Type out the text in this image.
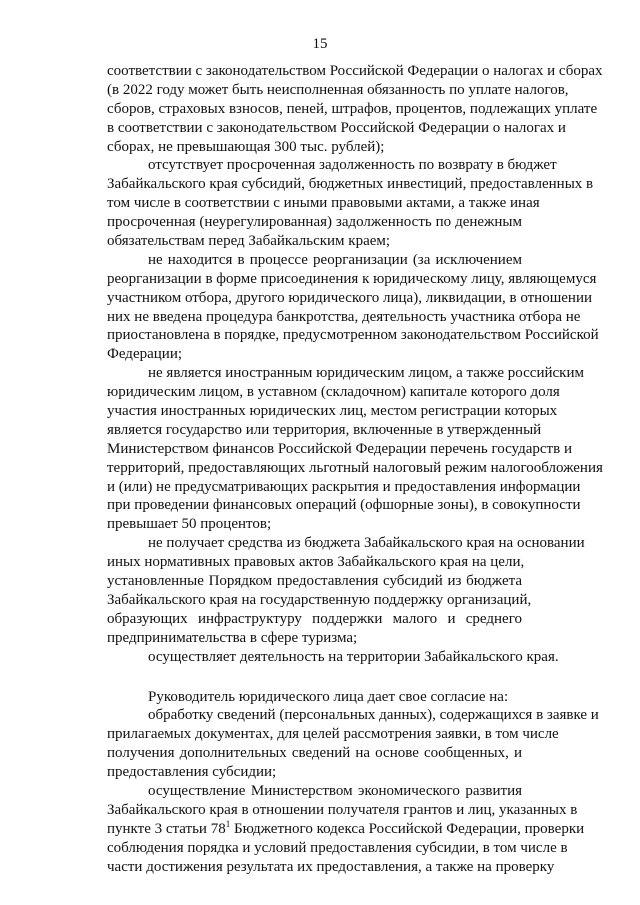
15
соответствии с законодательством Российской Федерации о налогах и сборах
(в 2022 году может быть неисполненная обязанность по уплате налогов,
сборов, страховых взносов, пеней, штрафов, процентов, подлежащих уплате
в соответствии с законодательством Российской Федерации о налогах и
сборах, не превышающая 300 тыс. рублей);
отсутствует просроченная задолженность по возврату в бюджет
Забайкальского края субсидий, бюджетных инвестиций, предоставленных в
том числе в соответствии с иными правовыми актами, а также иная
просроченная (неурегулированная) задолженность по денежным
обязательствам перед Забайкальским краем;
не находится в процессе реорганизации (за исключением
реорганизации в форме присоединения к юридическому лицу, являющемуся
участником отбора, другого юридического лица), ликвидации, в отношении
них не введена процедура банкротства, деятельность участника отбора не
приостановлена в порядке, предусмотренном законодательством Российской
Федерации;
не является иностранным юридическим лицом, а также российским
юридическим лицом, в уставном (складочном) капитале которого доля
участия иностранных юридических лиц, местом регистрации которых
является государство или территория, включенные в утвержденный
Министерством финансов Российской Федерации перечень государств и
территорий, предоставляющих льготный налоговый режим налогообложения
и (или) не предусматривающих раскрытия и предоставления информации
при проведении финансовых операций (офшорные зоны), в совокупности
превышает 50 процентов;
не получает средства из бюджета Забайкальского края на основании
иных нормативных правовых актов Забайкальского края на цели,
установленные Порядком предоставления субсидий из бюджета
Забайкальского края на государственную поддержку организаций,
образующих инфраструктуру поддержки малого и среднего
предпринимательства в сфере туризма;
осуществляет деятельность на территории Забайкальского края.
Руководитель юридического лица дает свое согласие на:
обработку сведений (персональных данных), содержащихся в заявке и
прилагаемых документах, для целей рассмотрения заявки, в том числе
получения дополнительных сведений на основе сообщенных, и
предоставления субсидии;
осуществление Министерством экономического развития
Забайкальского края в отношении получателя грантов и лиц, указанных в
пункте 3 статьи 78$^1$ Бюджетного кодекса Российской Федерации, проверки
соблюдения порядка и условий предоставления субсидии, в том числе в
части достижения результата их предоставления, а также на проверку
